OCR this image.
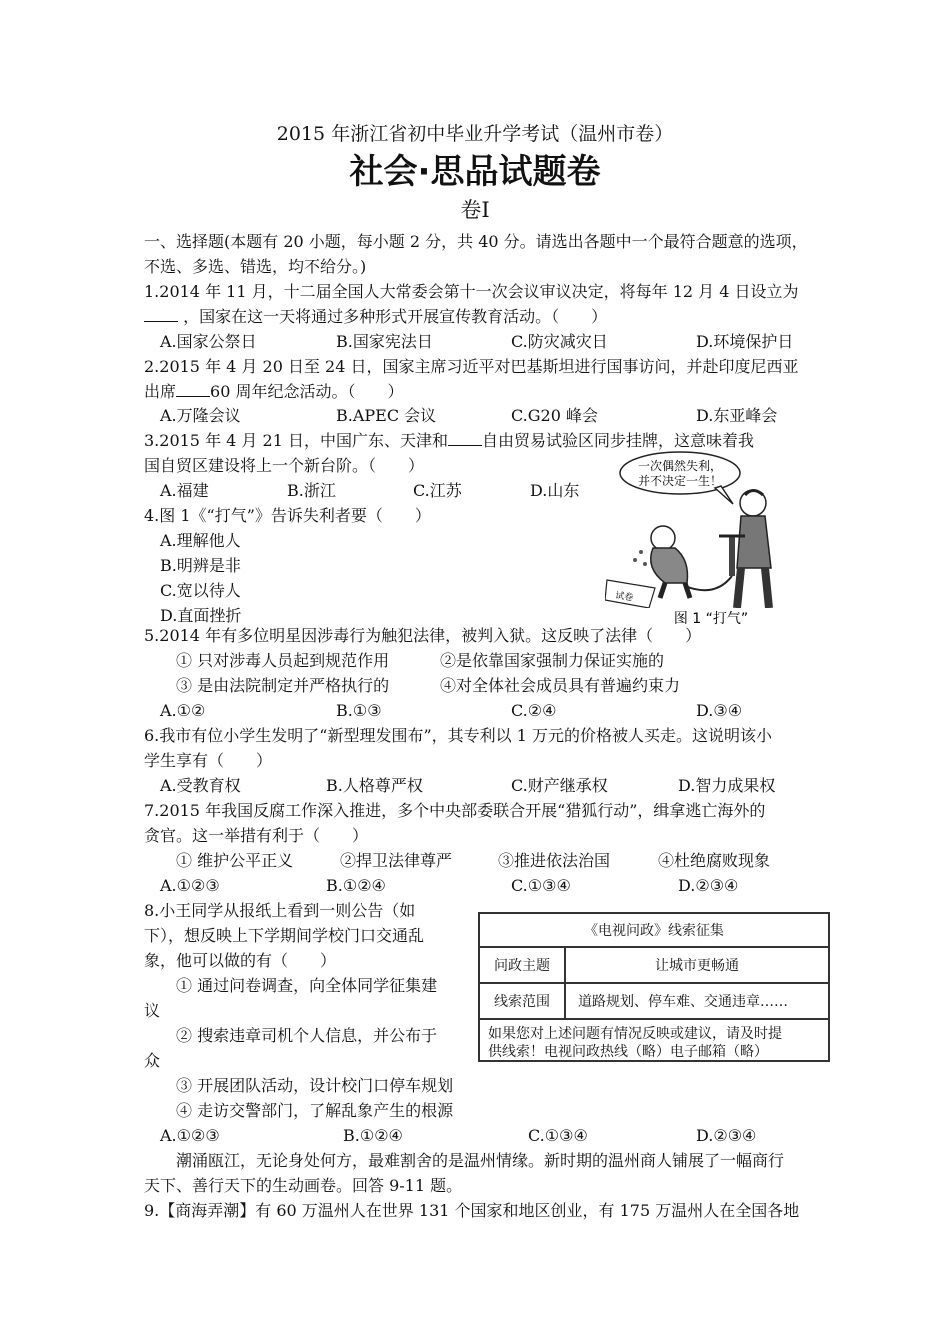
2015 年浙江省初中毕业升学考试（温州市卷）
社会·思品试题卷
卷Ⅰ
一、选择题(本题有 20 小题，每小题 2 分，共 40 分。请选出各题中一个最符合题意的选项，
不选、多选、错选，均不给分。)
1.2014 年 11 月，十二届全国人大常委会第十一次会议审议决定，将每年 12 月 4 日设立为
，国家在这一天将通过多种形式开展宣传教育活动。（　　）
A.国家公祭日	B.国家宪法日	C.防灾减灾日	D.环境保护日
2.2015 年 4 月 20 日至 24 日，国家主席习近平对巴基斯坦进行国事访问，并赴印度尼西亚
出席 60 周年纪念活动。（　　）
A.万隆会议	B.APEC 会议	C.G20 峰会	D.东亚峰会
3.2015 年 4 月 21 日，中国广东、天津和 自由贸易试验区同步挂牌，这意味着我
国自贸区建设将上一个新台阶。（　　）
A.福建	B.浙江	C.江苏	D.山东
4.图 1《“打气”》告诉失利者要（　　）
A.理解他人
B.明辨是非
C.宽以待人
D.直面挫折
一次偶然失利，
并不决定一生！
试卷
图 1 “打气”
5.2014 年有多位明星因涉毒行为触犯法律，被判入狱。这反映了法律（　　）
① 只对涉毒人员起到规范作用	②是依靠国家强制力保证实施的
③ 是由法院制定并严格执行的	④对全体社会成员具有普遍约束力
A.①②	B.①③	C.②④	D.③④
6.我市有位小学生发明了“新型理发围布”，其专利以 1 万元的价格被人买走。这说明该小
学生享有（　　）
A.受教育权	B.人格尊严权	C.财产继承权	D.智力成果权
7.2015 年我国反腐工作深入推进，多个中央部委联合开展“猎狐行动”，缉拿逃亡海外的
贪官。这一举措有利于（　　）
① 维护公平正义	②捍卫法律尊严	③推进依法治国	④杜绝腐败现象
A.①②③	B.①②④	C.①③④	D.②③④
8.小王同学从报纸上看到一则公告（如
下），想反映上下学期间学校门口交通乱
象，他可以做的有（　　）
① 通过问卷调查，向全体同学征集建
议
② 搜索违章司机个人信息，并公布于
众
③ 开展团队活动，设计校门口停车规划
④ 走访交警部门，了解乱象产生的根源
A.①②③	B.①②④	C.①③④	D.②③④
《电视问政》线索征集
问政主题	让城市更畅通
线索范围	道路规划、停车难、交通违章……
如果您对上述问题有情况反映或建议，请及时提
供线索！电视问政热线（略）电子邮箱（略）
潮涌瓯江，无论身处何方，最难割舍的是温州情缘。新时期的温州商人铺展了一幅商行
天下、善行天下的生动画卷。回答 9-11 题。
9.【商海弄潮】有 60 万温州人在世界 131 个国家和地区创业，有 175 万温州人在全国各地
